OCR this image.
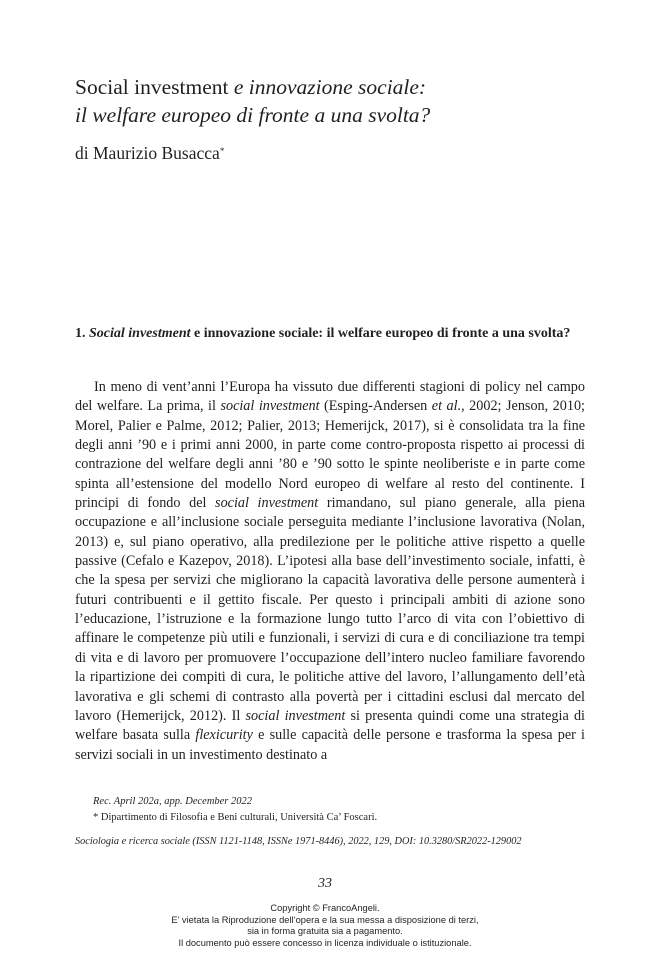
Social investment e innovazione sociale:
il welfare europeo di fronte a una svolta?
di Maurizio Busacca*
1. Social investment e innovazione sociale: il welfare europeo di fronte a una svolta?

In meno di vent’anni l’Europa ha vissuto due differenti stagioni di policy nel campo del welfare. La prima, il social investment (Esping-Andersen et al., 2002; Jenson, 2010; Morel, Palier e Palme, 2012; Palier, 2013; Hemerijck, 2017), si è consolidata tra la fine degli anni ’90 e i primi anni 2000, in parte come contro-proposta rispetto ai processi di contrazione del welfare degli anni ’80 e ’90 sotto le spinte neoliberiste e in parte come spinta all’estensione del modello Nord europeo di welfare al resto del continente. I principi di fondo del social investment rimandano, sul piano generale, alla piena occupazione e all’inclusione sociale perseguita mediante l’inclusione lavorativa (Nolan, 2013) e, sul piano operativo, alla predilezione per le politiche attive rispetto a quelle passive (Cefalo e Kazepov, 2018). L’ipotesi alla base dell’investimento sociale, infatti, è che la spesa per servizi che migliorano la capacità lavorativa delle persone aumenterà i futuri contribuenti e il gettito fiscale. Per questo i principali ambiti di azione sono l’educazione, l’istruzione e la formazione lungo tutto l’arco di vita con l’obiettivo di affinare le competenze più utili e funzionali, i servizi di cura e di conciliazione tra tempi di vita e di lavoro per promuovere l’occupazione dell’intero nucleo familiare favorendo la ripartizione dei compiti di cura, le politiche attive del lavoro, l’allungamento dell’età lavorativa e gli schemi di contrasto alla povertà per i cittadini esclusi dal mercato del lavoro (Hemerijck, 2012). Il social investment si presenta quindi come una strategia di welfare basata sulla flexicurity e sulle capacità delle persone e trasforma la spesa per i servizi sociali in un investimento destinato a

Rec. April 202a, app. December 2022
* Dipartimento di Filosofia e Beni culturali, Università Ca’ Foscari.
Sociologia e ricerca sociale (ISSN 1121-1148, ISSNe 1971-8446), 2022, 129, DOI: 10.3280/SR2022-129002
33
Copyright © FrancoAngeli.
E’ vietata la Riproduzione dell’opera e la sua messa a disposizione di terzi,
sia in forma gratuita sia a pagamento.
Il documento può essere concesso in licenza individuale o istituzionale.
